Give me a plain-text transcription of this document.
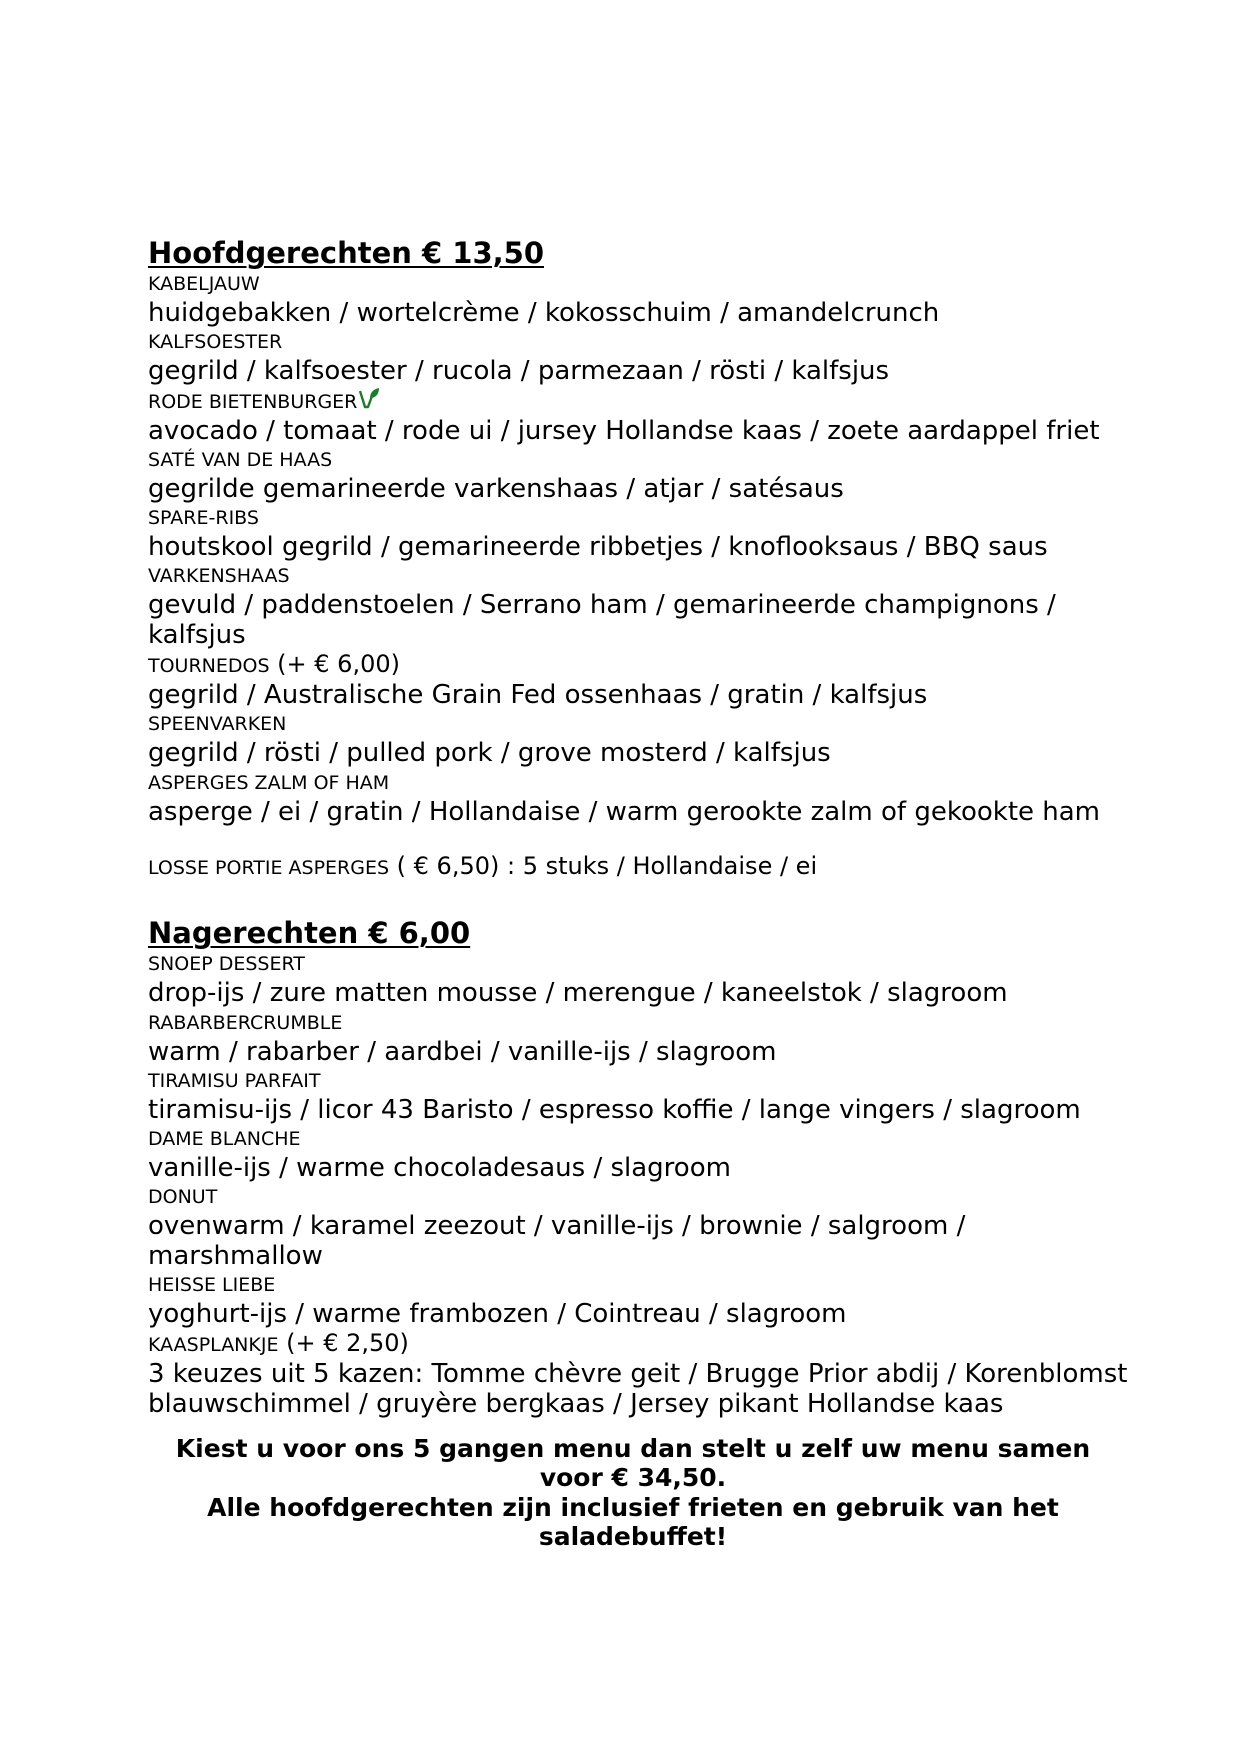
Hoofdgerechten € 13,50
KABELJAUW
huidgebakken / wortelcrème / kokosschuim / amandelcrunch
KALFSOESTER
gegrild / kalfsoester / rucola / parmezaan / rösti / kalfsjus
RODE BIETENBURGER
avocado / tomaat / rode ui / jursey Hollandse kaas / zoete aardappel friet
SATÉ VAN DE HAAS
gegrilde gemarineerde varkenshaas / atjar / satésaus
SPARE-RIBS
houtskool gegrild / gemarineerde ribbetjes / knoflooksaus / BBQ saus
VARKENSHAAS
gevuld / paddenstoelen / Serrano ham / gemarineerde champignons /
kalfsjus
TOURNEDOS (+ € 6,00)
gegrild / Australische Grain Fed ossenhaas / gratin / kalfsjus
SPEENVARKEN
gegrild / rösti / pulled pork / grove mosterd / kalfsjus
ASPERGES ZALM OF HAM
asperge / ei / gratin / Hollandaise / warm gerookte zalm of gekookte ham
LOSSE PORTIE ASPERGES ( € 6,50) : 5 stuks / Hollandaise / ei
Nagerechten € 6,00
SNOEP DESSERT
drop-ijs / zure matten mousse / merengue / kaneelstok / slagroom
RABARBERCRUMBLE
warm / rabarber / aardbei / vanille-ijs / slagroom
TIRAMISU PARFAIT
tiramisu-ijs / licor 43 Baristo / espresso koffie / lange vingers / slagroom
DAME BLANCHE
vanille-ijs / warme chocoladesaus / slagroom
DONUT
ovenwarm / karamel zeezout / vanille-ijs / brownie / salgroom / marshmallow
HEISSE LIEBE
yoghurt-ijs / warme frambozen / Cointreau / slagroom
KAASPLANKJE (+ € 2,50)
3 keuzes uit 5 kazen: Tomme chèvre geit / Brugge Prior abdij / Korenblomst
blauwschimmel / gruyère bergkaas / Jersey pikant Hollandse kaas
Kiest u voor ons 5 gangen menu dan stelt u zelf uw menu samen
voor € 34,50.
Alle hoofdgerechten zijn inclusief frieten en gebruik van het
saladebuffet!
